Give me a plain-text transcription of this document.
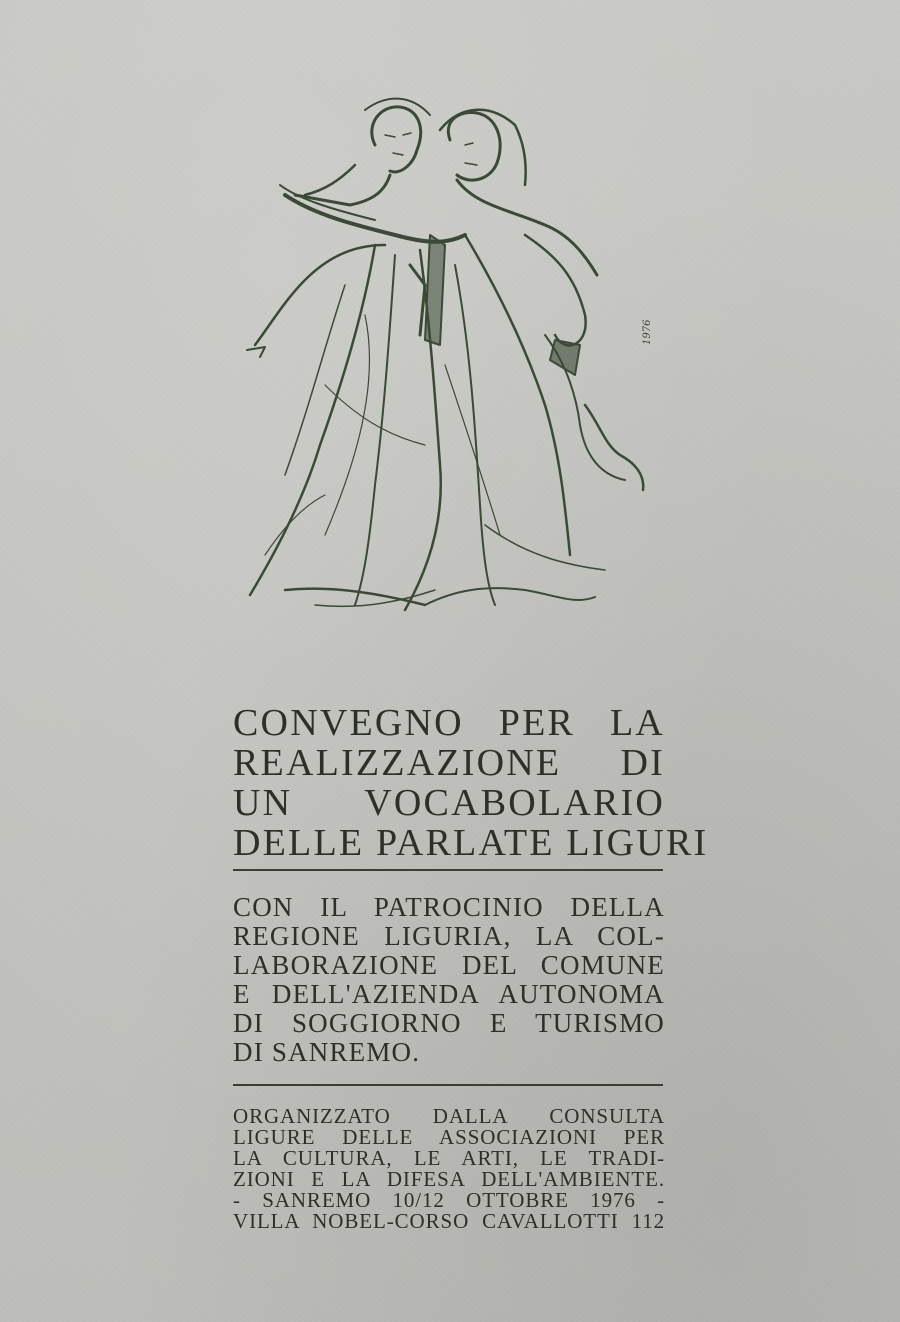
1976
CONVEGNO PER LA
REALIZZAZIONE DI
UN VOCABOLARIO
DELLE PARLATE LIGURI
CON IL PATROCINIO DELLA
REGIONE LIGURIA, LA COL-
LABORAZIONE DEL COMUNE
E DELL'AZIENDA AUTONOMA
DI SOGGIORNO E TURISMO
DI SANREMO.
ORGANIZZATO DALLA CONSULTA
LIGURE DELLE ASSOCIAZIONI PER
LA CULTURA, LE ARTI, LE TRADI-
ZIONI E LA DIFESA DELL'AMBIENTE.
- SANREMO 10/12 OTTOBRE 1976 -
VILLA NOBEL-CORSO CAVALLOTTI 112
